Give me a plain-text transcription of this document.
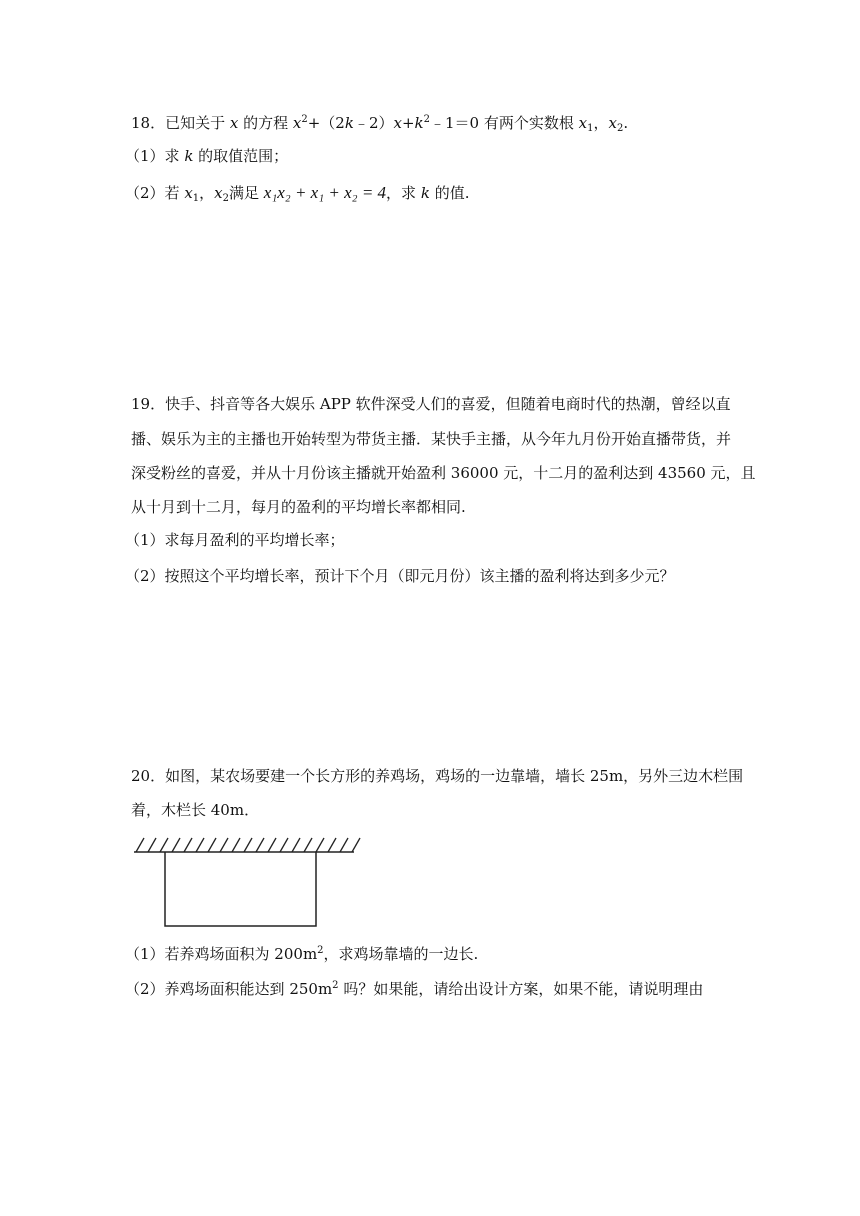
18．已知关于 x 的方程 $x^2+(2k﹣2)x+k^2﹣1=0$ 有两个实数根 $x_1$，$x_2$.
（1）求 k 的取值范围；
（2）若 $x_1$，$x_2$满足 x₁x₂ + x₁ + x₂ = 4，求 k 的值.
19．快手、抖音等各大娱乐 APP 软件深受人们的喜爱，但随着电商时代的热潮，曾经以直
播、娱乐为主的主播也开始转型为带货主播．某快手主播，从今年九月份开始直播带货，并
深受粉丝的喜爱，并从十月份该主播就开始盈利 36000 元，十二月的盈利达到 43560 元，且
从十月到十二月，每月的盈利的平均增长率都相同.
（1）求每月盈利的平均增长率；
（2）按照这个平均增长率，预计下个月（即元月份）该主播的盈利将达到多少元？
20．如图，某农场要建一个长方形的养鸡场，鸡场的一边靠墙，墙长 25m，另外三边木栏围
着，木栏长 40m．
（1）若养鸡场面积为 $200m^2$，求鸡场靠墙的一边长.
（2）养鸡场面积能达到 $250m^2$ 吗？如果能，请给出设计方案，如果不能，请说明理由
